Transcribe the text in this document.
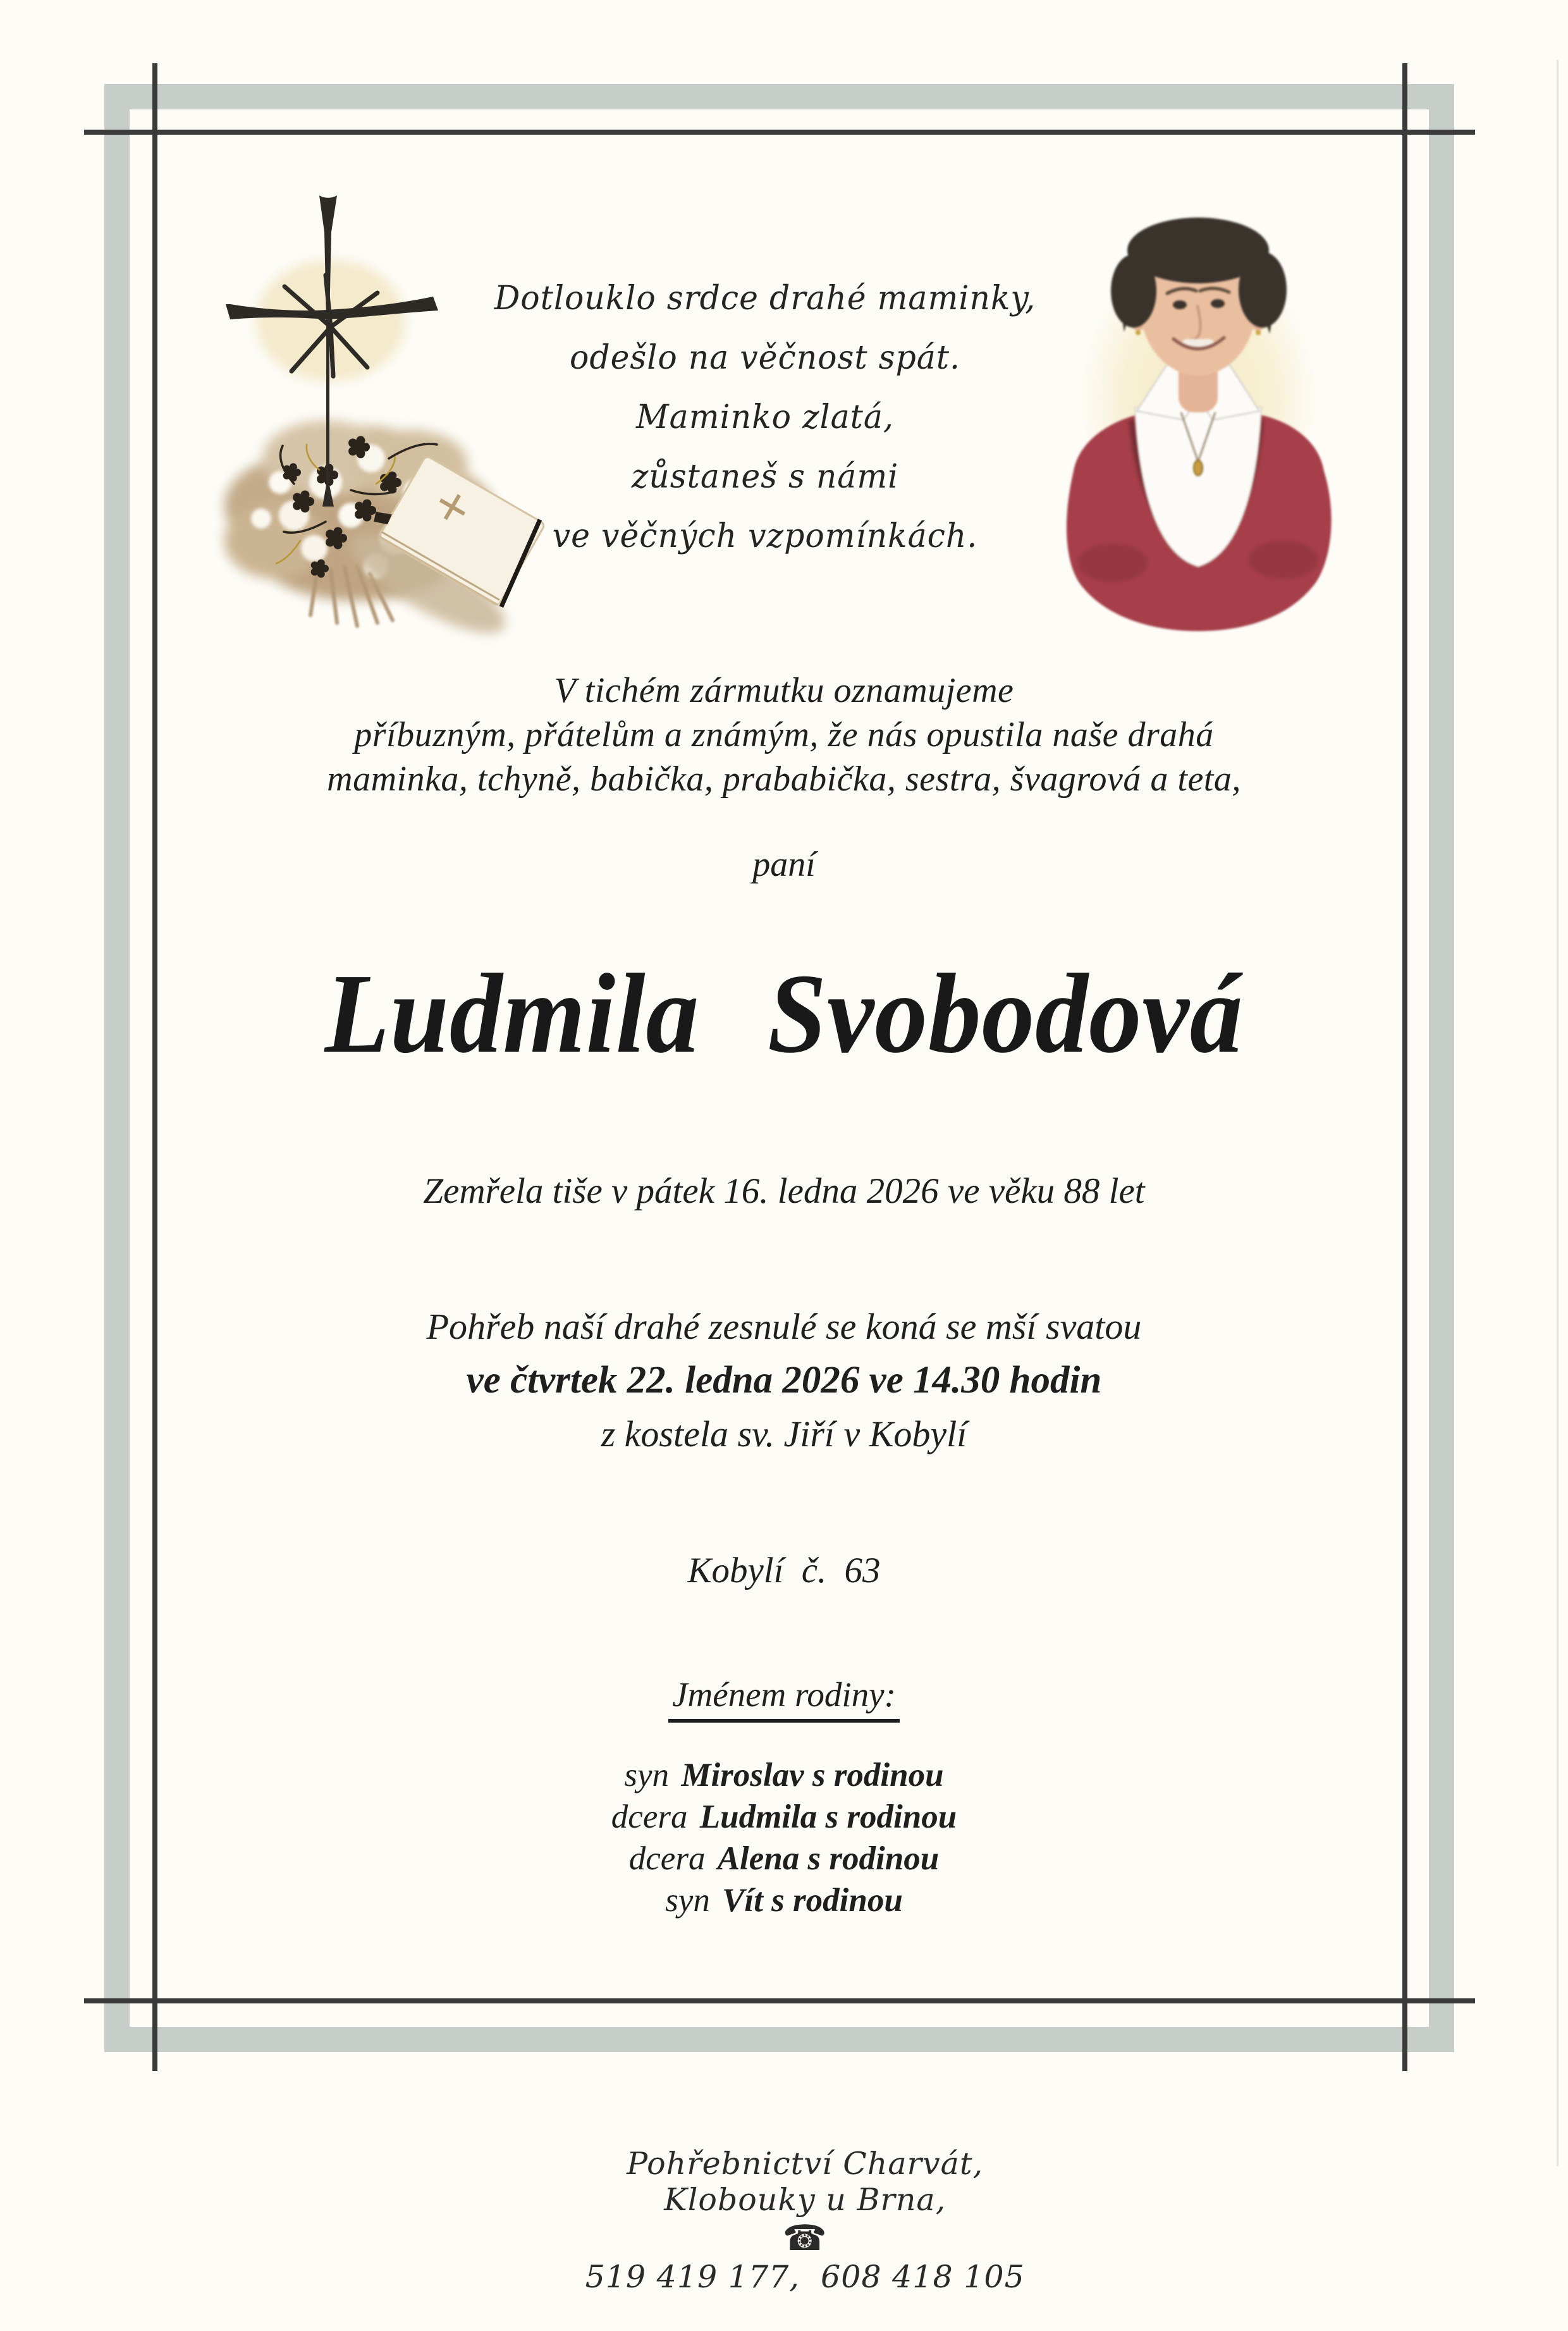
Dotlouklo srdce drahé maminky,
odešlo na věčnost spát.
Maminko zlatá,
zůstaneš s námi
ve věčných vzpomínkách.
V tichém zármutku oznamujeme
příbuzným, přátelům a známým, že nás opustila naše drahá
maminka, tchyně, babička, prababička, sestra, švagrová a teta,
paní
Ludmila Svobodová
Zemřela tiše v pátek 16. ledna 2026 ve věku 88 let
Pohřeb naší drahé zesnulé se koná se mší svatou
ve čtvrtek 22. ledna 2026 ve 14.30 hodin
z kostela sv. Jiří v Kobylí
Kobylí č. 63
Jménem rodiny:
syn Miroslav s rodinou
dcera Ludmila s rodinou
dcera Alena s rodinou
syn Vít s rodinou

Pohřebnictví Charvát,
Klobouky u Brna,
☎
519 419 177,  608 418 105
